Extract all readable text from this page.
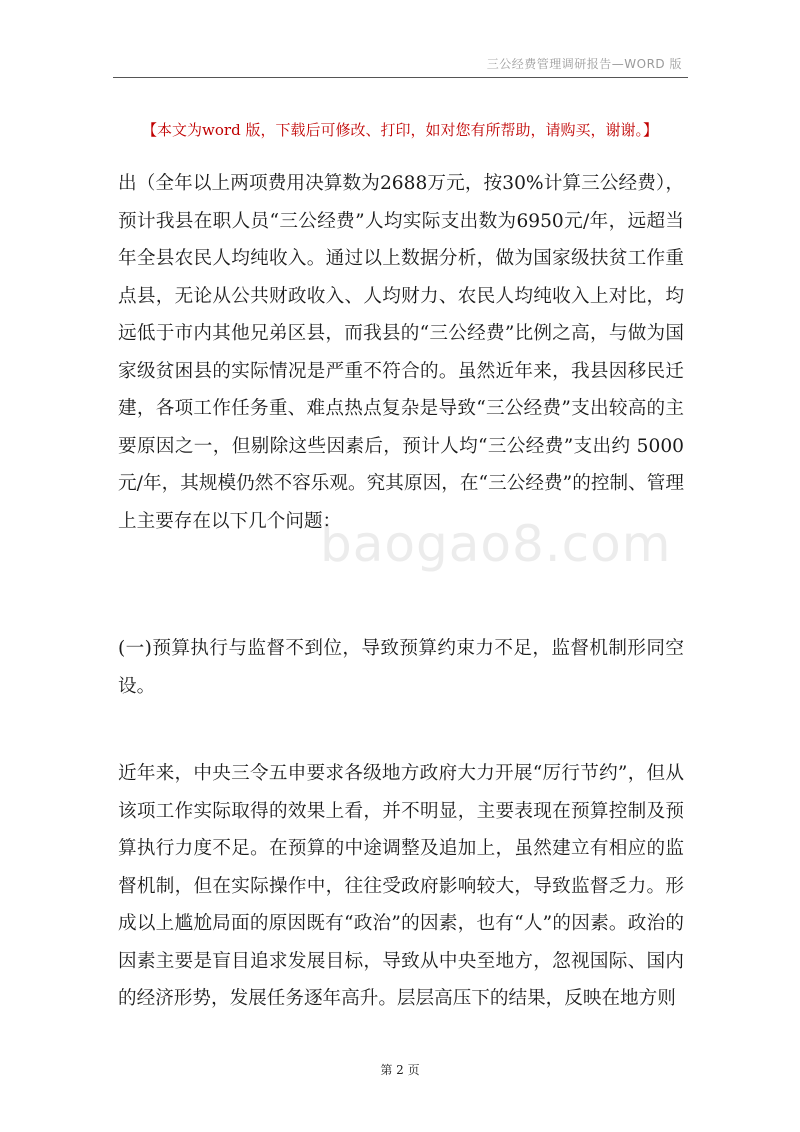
三公经费管理调研报告—WORD 版
【本文为word 版，下载后可修改、打印，如对您有所帮助，请购买，谢谢。】
baogao8.com

出（全年以上两项费用决算数为2688万元，按30%计算三公经费），预计我县在职人员“三公经费”人均实际支出数为6950元/年，远超当年全县农民人均纯收入。通过以上数据分析，做为国家级扶贫工作重点县，无论从公共财政收入、人均财力、农民人均纯收入上对比，均远低于市内其他兄弟区县，而我县的“三公经费”比例之高，与做为国家级贫困县的实际情况是严重不符合的。虽然近年来，我县因移民迁建，各项工作任务重、难点热点复杂是导致“三公经费”支出较高的主要原因之一，但剔除这些因素后，预计人均“三公经费”支出约 5000元/年，其规模仍然不容乐观。究其原因，在“三公经费”的控制、管理上主要存在以下几个问题：

(一)预算执行与监督不到位，导致预算约束力不足，监督机制形同空设。

近年来，中央三令五申要求各级地方政府大力开展“厉行节约”，但从该项工作实际取得的效果上看，并不明显，主要表现在预算控制及预算执行力度不足。在预算的中途调整及追加上，虽然建立有相应的监督机制，但在实际操作中，往往受政府影响较大，导致监督乏力。形成以上尴尬局面的原因既有“政治”的因素，也有“人”的因素。政治的因素主要是盲目追求发展目标，导致从中央至地方，忽视国际、国内的经济形势，发展任务逐年高升。层层高压下的结果，反映在地方则

第 2 页
